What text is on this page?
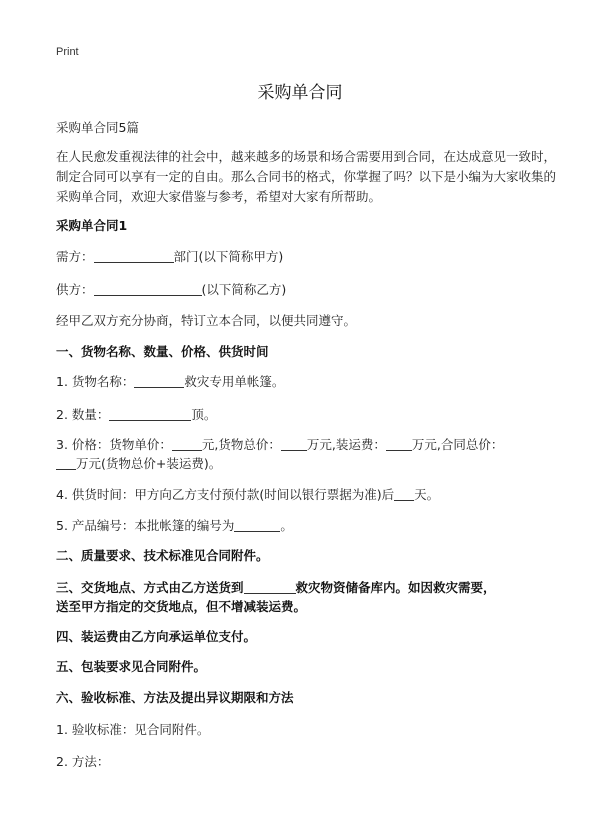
Print
采购单合同
采购单合同5篇
在人民愈发重视法律的社会中，越来越多的场景和场合需要用到合同，在达成意见一致时，制定合同可以享有一定的自由。那么合同书的格式，你掌握了吗？以下是小编为大家收集的采购单合同，欢迎大家借鉴与参考，希望对大家有所帮助。
采购单合同1
需方：	部门(以下简称甲方)
供方：	(以下简称乙方)
经甲乙双方充分协商，特订立本合同，以便共同遵守。
一、货物名称、数量、价格、供货时间
1. 货物名称：	救灾专用单帐篷。
2. 数量：	顶。
3. 价格：货物单价： 元,货物总价： 万元,装运费： 万元,合同总价：
万元(货物总价+装运费)。
4. 供货时间：甲方向乙方支付预付款(时间以银行票据为准)后 天。
5. 产品编号：本批帐篷的编号为	。
二、质量要求、技术标准见合同附件。
三、交货地点、方式由乙方送货到	救灾物资储备库内。如因救灾需要，
送至甲方指定的交货地点，但不增减装运费。
四、装运费由乙方向承运单位支付。
五、包装要求见合同附件。
六、验收标准、方法及提出异议期限和方法
1. 验收标准：见合同附件。
2. 方法：
